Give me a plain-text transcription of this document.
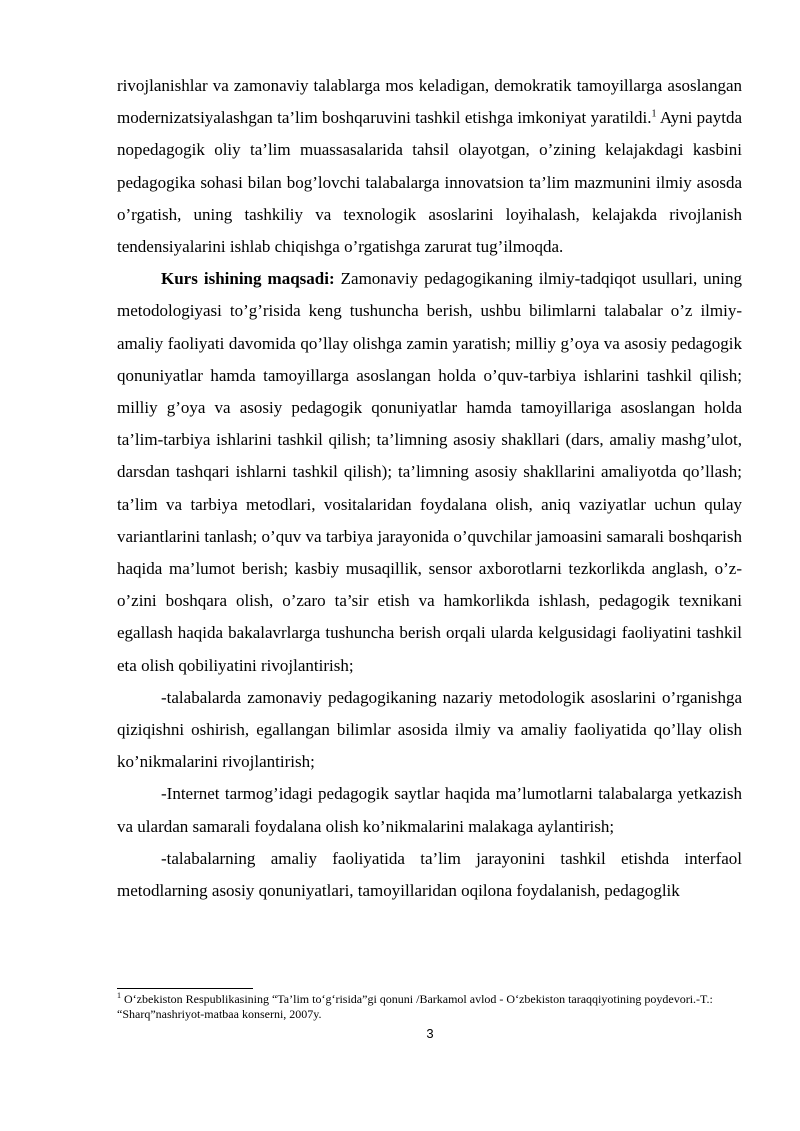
rivojlanishlar va zamonaviy talablarga mos keladigan, demokratik tamoyillarga asoslangan modernizatsiyalashgan ta’lim boshqaruvini tashkil etishga imkoniyat yaratildi.$^1$ Ayni paytda nopedagogik oliy ta’lim muassasalarida tahsil olayotgan, o’zining kelajakdagi kasbini pedagogika sohasi bilan bog’lovchi talabalarga innovatsion ta’lim mazmunini ilmiy asosda o’rgatish, uning tashkiliy va texnologik asoslarini loyihalash, kelajakda rivojlanish tendensiyalarini ishlab chiqishga o’rgatishga zarurat tug’ilmoqda.

Kurs ishining maqsadi: Zamonaviy pedagogikaning ilmiy-tadqiqot usullari, uning metodologiyasi to’g’risida keng tushuncha berish, ushbu bilimlarni talabalar o’z ilmiy-amaliy faoliyati davomida qo’llay olishga zamin yaratish; milliy g’oya va asosiy pedagogik qonuniyatlar hamda tamoyillarga asoslangan holda o’quv-tarbiya ishlarini tashkil qilish; milliy g’oya va asosiy pedagogik qonuniyatlar hamda tamoyillariga asoslangan holda ta’lim-tarbiya ishlarini tashkil qilish; ta’limning asosiy shakllari (dars, amaliy mashg’ulot, darsdan tashqari ishlarni tashkil qilish); ta’limning asosiy shakllarini amaliyotda qo’llash; ta’lim va tarbiya metodlari, vositalaridan foydalana olish, aniq vaziyatlar uchun qulay variantlarini tanlash; o’quv va tarbiya jarayonida o’quvchilar jamoasini samarali boshqarish haqida ma’lumot berish; kasbiy musaqillik, sensor axborotlarni tezkorlikda anglash, o’z-o’zini boshqara olish, o’zaro ta’sir etish va hamkorlikda ishlash, pedagogik texnikani egallash haqida bakalavrlarga tushuncha berish orqali ularda kelgusidagi faoliyatini tashkil eta olish qobiliyatini rivojlantirish;

-talabalarda zamonaviy pedagogikaning nazariy metodologik asoslarini o’rganishga qiziqishni oshirish, egallangan bilimlar asosida ilmiy va amaliy faoliyatida qo’llay olish ko’nikmalarini rivojlantirish;

-Internet tarmog’idagi pedagogik saytlar haqida ma’lumotlarni talabalarga yetkazish va ulardan samarali foydalana olish ko’nikmalarini malakaga aylantirish;

-talabalarning amaliy faoliyatida ta’lim jarayonini tashkil etishda interfaol metodlarning asosiy qonuniyatlari, tamoyillaridan oqilona foydalanish, pedagoglik

$^1$ O‘zbekiston Respublikasining “Ta’lim to‘g‘risida”gi qonuni /Barkamol avlod - O‘zbekiston taraqqiyotining poydevori.-T.: “Sharq”nashriyot-matbaa konserni, 2007y.

3
